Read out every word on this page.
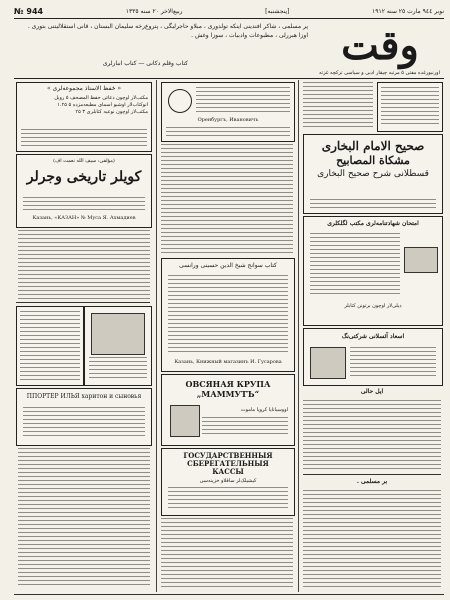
№ 944	ربيع‌الاخر ٢٠ سنه ١٣٣٥	[پنجشنبه]	نوبر ٩٤٤ مارت ٢٥ سنه ١٩١٢
پر مسلمی ، شاکر افندینی اینکه تولدوری ، مبلاو حاجرلیگی ، پتروغ‌رخه سلیمان البستان ، قانی استقلالیتنی بتوری . اوزا هبررلی ، مطبوعات وادبیات ، سوزا وغش .
کتاب وقلم دکانی — کتاب انبارلری	وقت
اورنبورغده مفتى ۵ مرتبه چیقار ادبى و سیاسى ترکچه غزته
« ځفظ الاستاذ مجموعه‌لری »
مکتب‌لار اوچون دعائی حفظ المصحف ٥ روبل
انوکتاب‌لار اوشبو اسمای مطبعه‌مزده ۵ ۱.۲۵
مکتب‌لار اوچون نوعیه کتابلری ۳ ۲۵
(مؤلفى: سیف الله نعمت اف)
کویلر تاریخی وجرلر
Казань, «КАЗАН» № Муса Я. Ахмадиев
ППОРТЕР ИЛЬЯ харитон и сыновья
Оренбургъ, Ивановичъ
کتاب سوانح شیخ الدین حسینی ورانسی
Казань, Книжный магазинъ И. Гусарова
ОВСЯНАЯ КРУПА
„МАММУТЪ“
اووسیانایا کروپا ماموت
ГОСУДАРСТВЕННЫЯ
СБЕРЕГАТЕЛЬНЫЯ
КАССЫ
کیشیلک‌لر ساقلاو خزینه‌سی
صحیح الامام البخاری
مشکاة المصابیح
قسطلانی شرح صحیح البخاری
امتحان شهادتنامه‌لری مکتب لگلکلری
دیلی‌لار اوچون برتونن کتابلر
اسعاد آئسلانی شرکتی‌نگ
ایل حالی
بر مسلمی .
